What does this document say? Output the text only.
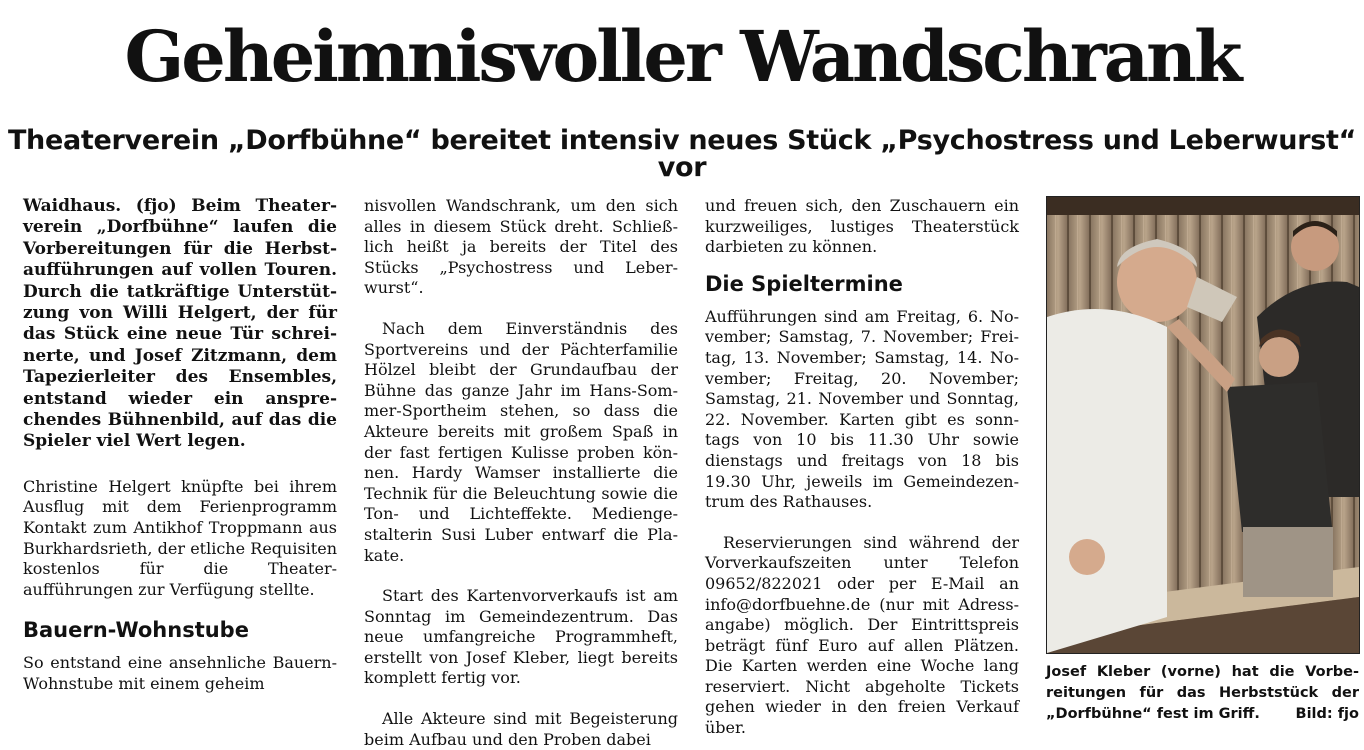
Geheimnisvoller Wandschrank
Theaterverein „Dorfbühne“ bereitet intensiv neues Stück „Psychostress und Leberwurst“ vor

Waidhaus. (fjo) Beim Theaterverein „Dorfbühne“ laufen die Vorbereitungen für die Herbstaufführungen auf vollen Touren. Durch die tatkräftige Unterstützung von Willi Helgert, der für das Stück eine neue Tür schreinerte, und Josef Zitzmann, dem Tapezierleiter des Ensembles, entstand wieder ein ansprechendes Bühnenbild, auf das die Spieler viel Wert legen.

Christine Helgert knüpfte bei ihrem Ausflug mit dem Ferienprogramm Kontakt zum Antikhof Troppmann aus Burkhardsrieth, der etliche Requisiten kostenlos für die Theateraufführungen zur Verfügung stellte.

Bauern-Wohnstube

So entstand eine ansehnliche Bauern-Wohnstube mit einem geheim

nisvollen Wandschrank, um den sich alles in diesem Stück dreht. Schließlich heißt ja bereits der Titel des Stücks „Psychostress und Leberwurst“.

Nach dem Einverständnis des Sportvereins und der Pächterfamilie Hölzel bleibt der Grundaufbau der Bühne das ganze Jahr im Hans-Sommer-Sportheim stehen, so dass die Akteure bereits mit großem Spaß in der fast fertigen Kulisse proben können. Hardy Wamser installierte die Technik für die Beleuchtung sowie die Ton- und Lichteffekte. Mediengestalterin Susi Luber entwarf die Plakate.

Start des Kartenvorverkaufs ist am Sonntag im Gemeindezentrum. Das neue umfangreiche Programmheft, erstellt von Josef Kleber, liegt bereits komplett fertig vor.

Alle Akteure sind mit Begeisterung beim Aufbau und den Proben dabei

und freuen sich, den Zuschauern ein kurzweiliges, lustiges Theaterstück darbieten zu können.

Die Spieltermine

Aufführungen sind am Freitag, 6. November; Samstag, 7. November; Freitag, 13. November; Samstag, 14. November; Freitag, 20. November; Samstag, 21. November und Sonntag, 22. November. Karten gibt es sonntags von 10 bis 11.30 Uhr sowie dienstags und freitags von 18 bis 19.30 Uhr, jeweils im Gemeindezentrum des Rathauses.

Reservierungen sind während der Vorverkaufszeiten unter Telefon 09652/822021 oder per E-Mail an info@dorfbuehne.de (nur mit Adressangabe) möglich. Der Eintrittspreis beträgt fünf Euro auf allen Plätzen. Die Karten werden eine Woche lang reserviert. Nicht abgeholte Tickets gehen wieder in den freien Verkauf über.

Josef Kleber (vorne) hat die Vorbereitungen für das Herbststück der „Dorfbühne“ fest im Griff. Bild: fjo
